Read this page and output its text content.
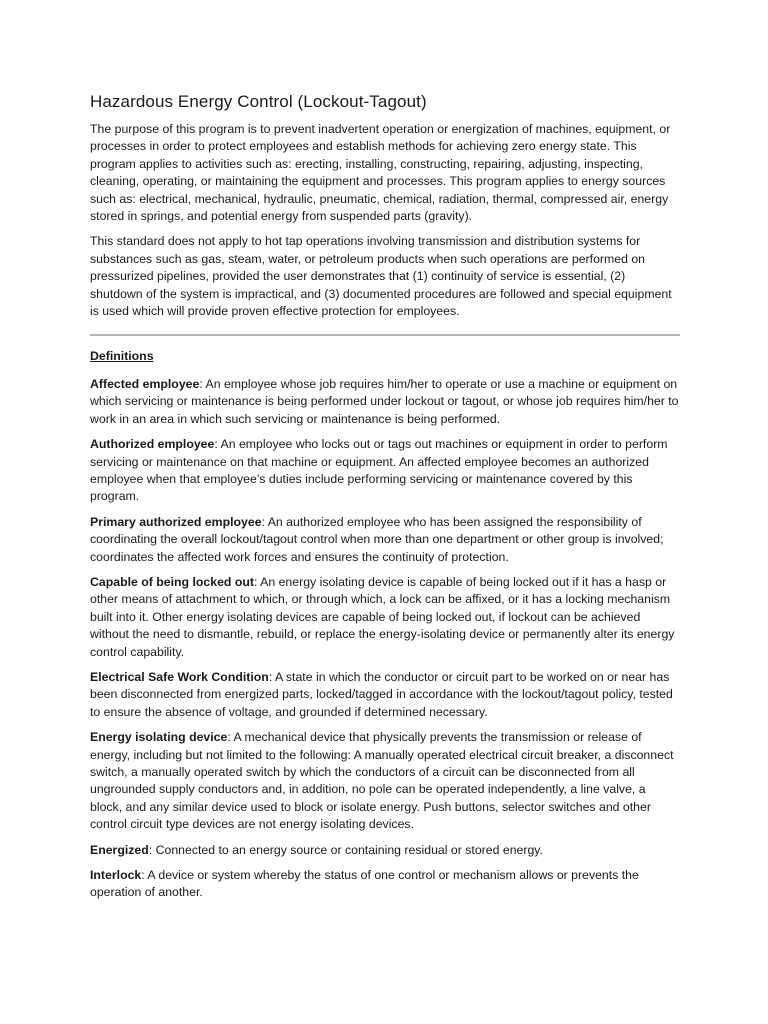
Hazardous Energy Control (Lockout-Tagout)

The purpose of this program is to prevent inadvertent operation or energization of machines, equipment, or processes in order to protect employees and establish methods for achieving zero energy state. This program applies to activities such as: erecting, installing, constructing, repairing, adjusting, inspecting, cleaning, operating, or maintaining the equipment and processes. This program applies to energy sources such as: electrical, mechanical, hydraulic, pneumatic, chemical, radiation, thermal, compressed air, energy stored in springs, and potential energy from suspended parts (gravity).

This standard does not apply to hot tap operations involving transmission and distribution systems for substances such as gas, steam, water, or petroleum products when such operations are performed on pressurized pipelines, provided the user demonstrates that (1) continuity of service is essential, (2) shutdown of the system is impractical, and (3) documented procedures are followed and special equipment is used which will provide proven effective protection for employees.

Definitions

Affected employee: An employee whose job requires him/her to operate or use a machine or equipment on which servicing or maintenance is being performed under lockout or tagout, or whose job requires him/her to work in an area in which such servicing or maintenance is being performed.

Authorized employee: An employee who locks out or tags out machines or equipment in order to perform servicing or maintenance on that machine or equipment. An affected employee becomes an authorized employee when that employee’s duties include performing servicing or maintenance covered by this program.

Primary authorized employee: An authorized employee who has been assigned the responsibility of coordinating the overall lockout/tagout control when more than one department or other group is involved; coordinates the affected work forces and ensures the continuity of protection.

Capable of being locked out: An energy isolating device is capable of being locked out if it has a hasp or other means of attachment to which, or through which, a lock can be affixed, or it has a locking mechanism built into it. Other energy isolating devices are capable of being locked out, if lockout can be achieved without the need to dismantle, rebuild, or replace the energy-isolating device or permanently alter its energy control capability.

Electrical Safe Work Condition: A state in which the conductor or circuit part to be worked on or near has been disconnected from energized parts, locked/tagged in accordance with the lockout/tagout policy, tested to ensure the absence of voltage, and grounded if determined necessary.

Energy isolating device: A mechanical device that physically prevents the transmission or release of energy, including but not limited to the following: A manually operated electrical circuit breaker, a disconnect switch, a manually operated switch by which the conductors of a circuit can be disconnected from all ungrounded supply conductors and, in addition, no pole can be operated independently, a line valve, a block, and any similar device used to block or isolate energy. Push buttons, selector switches and other control circuit type devices are not energy isolating devices.

Energized: Connected to an energy source or containing residual or stored energy.

Interlock: A device or system whereby the status of one control or mechanism allows or prevents the operation of another.
